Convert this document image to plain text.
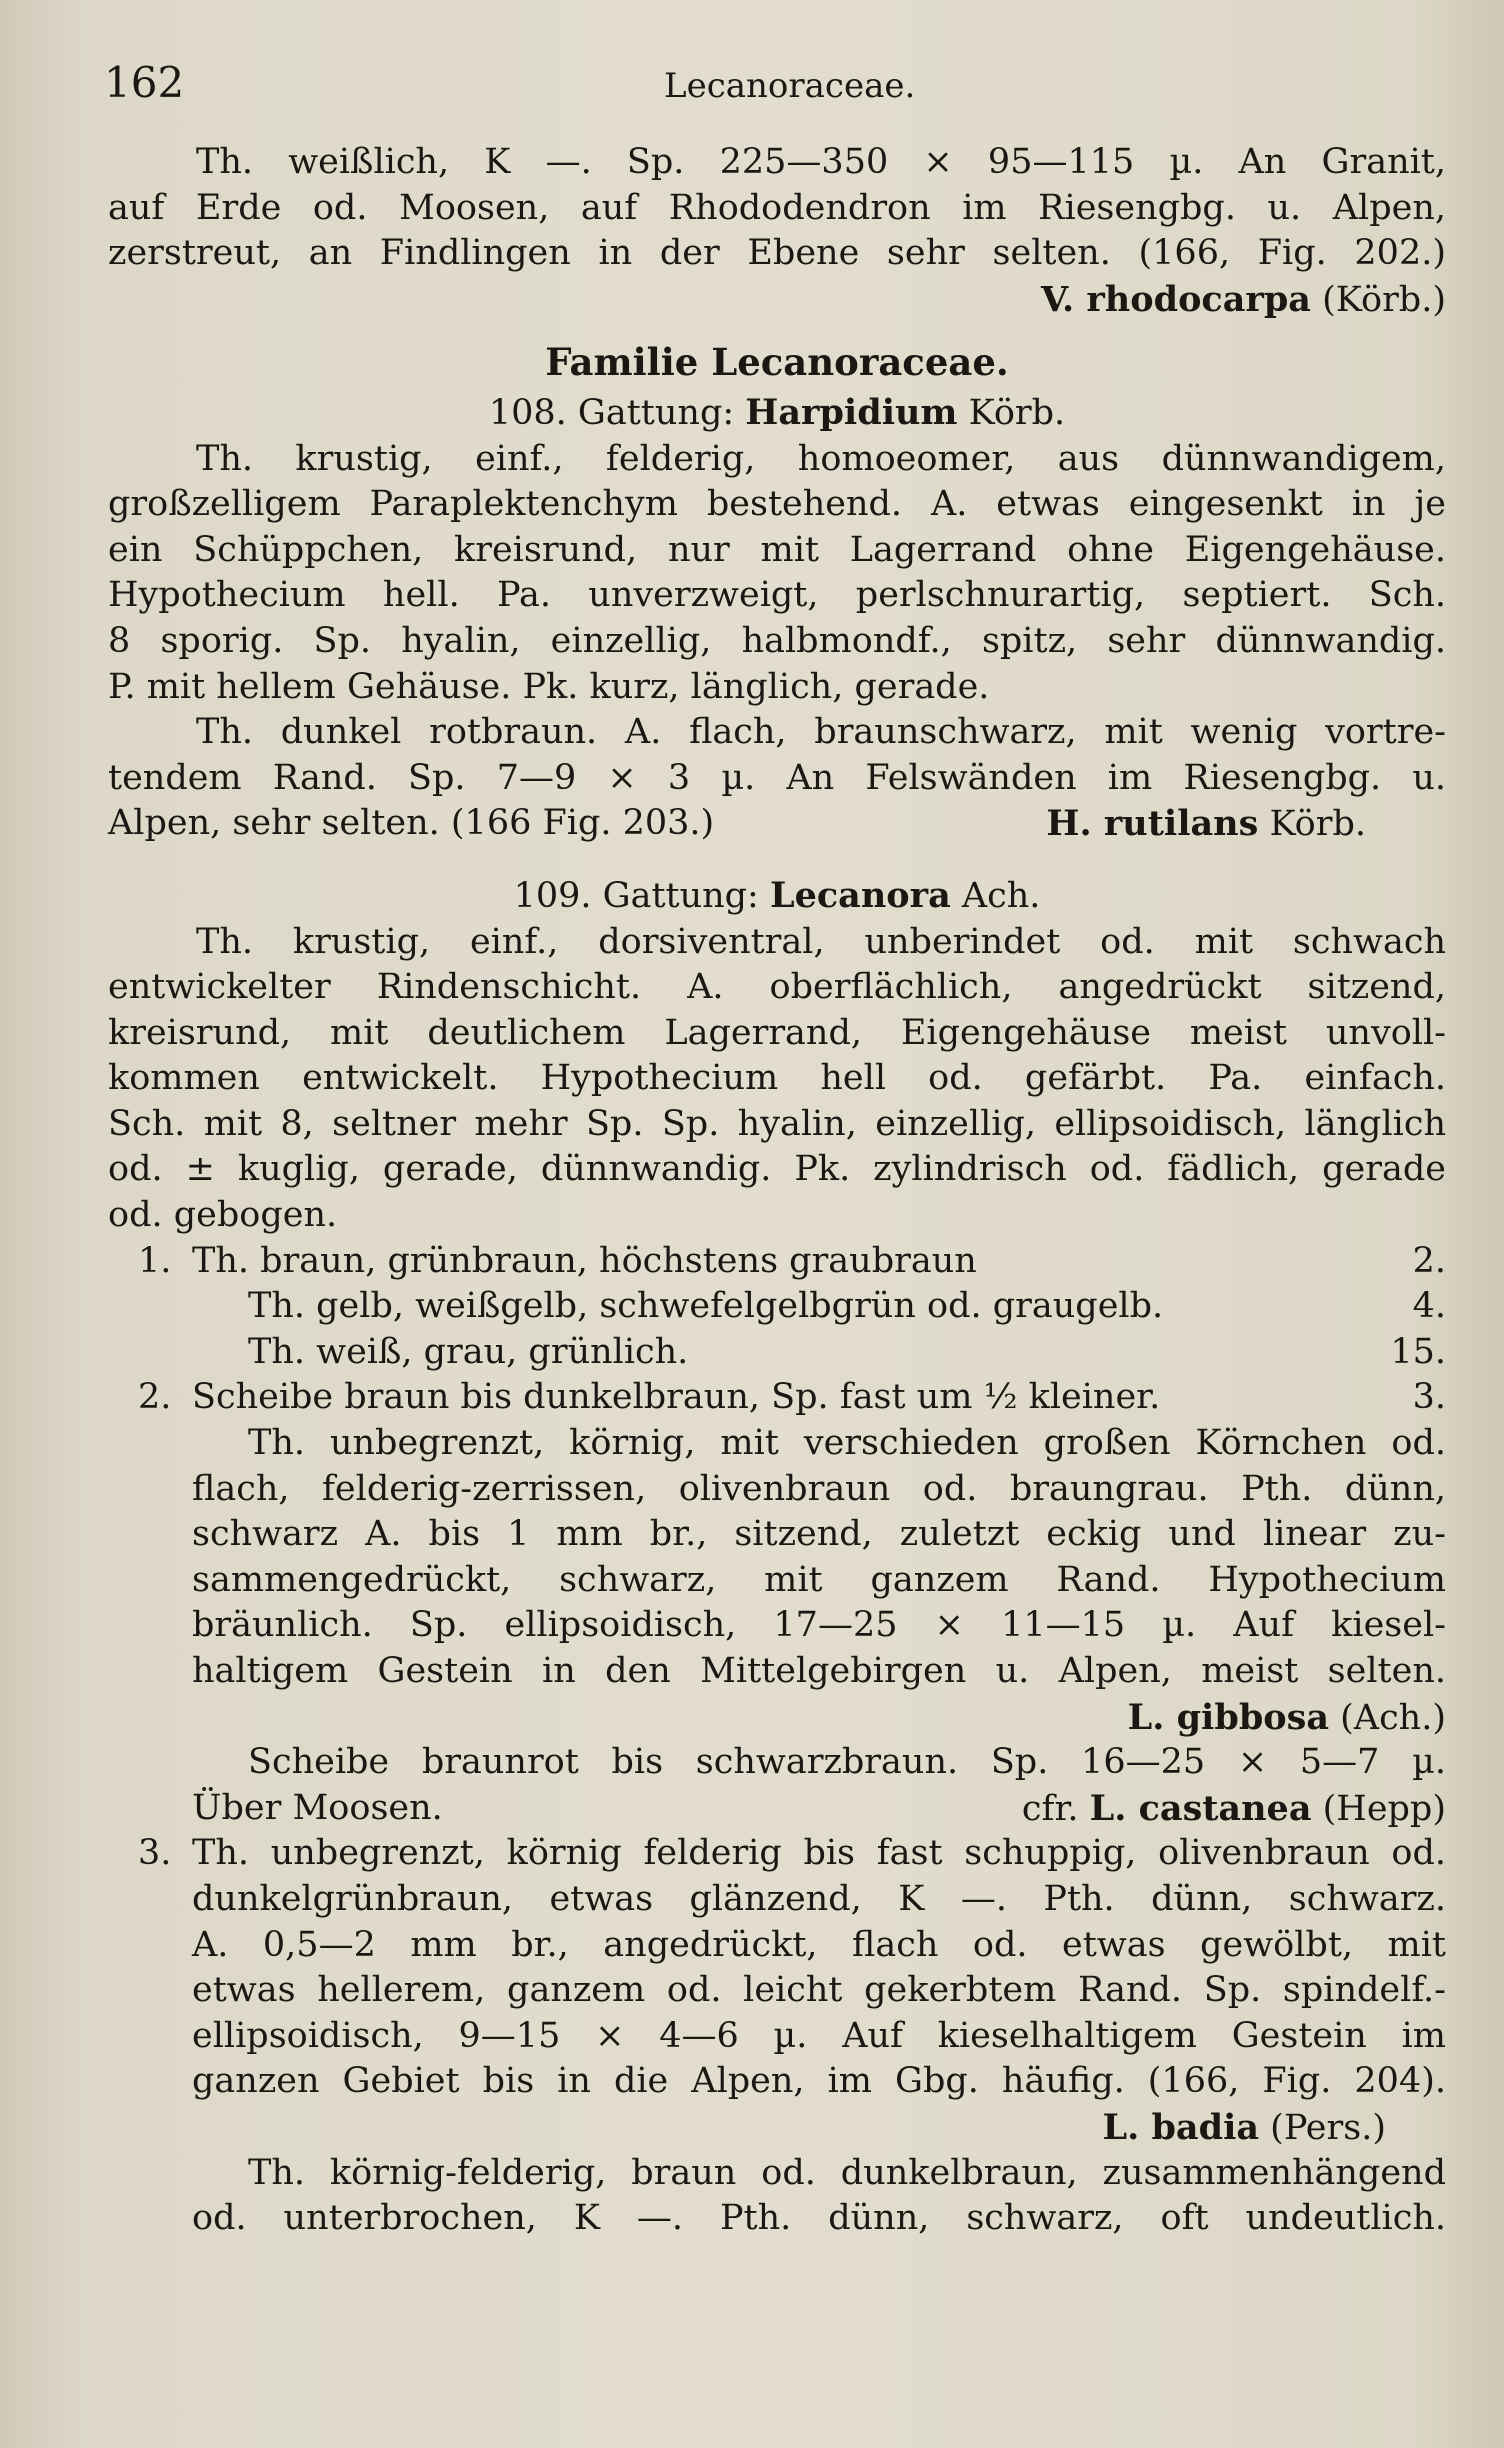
162	Lecanoraceae.

Th. weißlich, K —. Sp. 225—350 × 95—115 µ. An Granit,

auf Erde od. Moosen, auf Rhododendron im Riesengbg. u. Alpen,

zerstreut, an Findlingen in der Ebene sehr selten. (166, Fig. 202.)

V. rhodocarpa (Körb.)

Familie Lecanoraceae.

108. Gattung: Harpidium Körb.

Th. krustig, einf., felderig, homoeomer, aus dünnwandigem,

großzelligem Paraplektenchym bestehend. A. etwas eingesenkt in je

ein Schüppchen, kreisrund, nur mit Lagerrand ohne Eigengehäuse.

Hypothecium hell. Pa. unverzweigt, perlschnurartig, septiert. Sch.

8 sporig. Sp. hyalin, einzellig, halbmondf., spitz, sehr dünnwandig.

P. mit hellem Gehäuse. Pk. kurz, länglich, gerade.

Th. dunkel rotbraun. A. flach, braunschwarz, mit wenig vortre-

tendem Rand. Sp. 7—9 × 3 µ. An Felswänden im Riesengbg. u.

Alpen, sehr selten. (166 Fig. 203.)	H. rutilans Körb.

109. Gattung: Lecanora Ach.

Th. krustig, einf., dorsiventral, unberindet od. mit schwach

entwickelter Rindenschicht. A. oberflächlich, angedrückt sitzend,

kreisrund, mit deutlichem Lagerrand, Eigengehäuse meist unvoll-

kommen entwickelt. Hypothecium hell od. gefärbt. Pa. einfach.

Sch. mit 8, seltner mehr Sp. Sp. hyalin, einzellig, ellipsoidisch, länglich

od. ± kuglig, gerade, dünnwandig. Pk. zylindrisch od. fädlich, gerade

od. gebogen.

1. Th. braun, grünbraun, höchstens graubraun	2.
Th. gelb, weißgelb, schwefelgelbgrün od. graugelb.	4.
Th. weiß, grau, grünlich.	15.
2. Scheibe braun bis dunkelbraun, Sp. fast um ½ kleiner.	3.

Th. unbegrenzt, körnig, mit verschieden großen Körnchen od.

flach, felderig-zerrissen, olivenbraun od. braungrau. Pth. dünn,

schwarz A. bis 1 mm br., sitzend, zuletzt eckig und linear zu-

sammengedrückt, schwarz, mit ganzem Rand. Hypothecium

bräunlich. Sp. ellipsoidisch, 17—25 × 11—15 µ. Auf kiesel-

haltigem Gestein in den Mittelgebirgen u. Alpen, meist selten.

L. gibbosa (Ach.)

Scheibe braunrot bis schwarzbraun. Sp. 16—25 × 5—7 µ.

Über Moosen.	cfr. L. castanea (Hepp)
3. Th. unbegrenzt, körnig felderig bis fast schuppig, olivenbraun od.

dunkelgrünbraun, etwas glänzend, K —. Pth. dünn, schwarz.

A. 0,5—2 mm br., angedrückt, flach od. etwas gewölbt, mit

etwas hellerem, ganzem od. leicht gekerbtem Rand. Sp. spindelf.-

ellipsoidisch, 9—15 × 4—6 µ. Auf kieselhaltigem Gestein im

ganzen Gebiet bis in die Alpen, im Gbg. häufig. (166, Fig. 204).

L. badia (Pers.)

Th. körnig-felderig, braun od. dunkelbraun, zusammenhängend

od. unterbrochen, K —. Pth. dünn, schwarz, oft undeutlich.
